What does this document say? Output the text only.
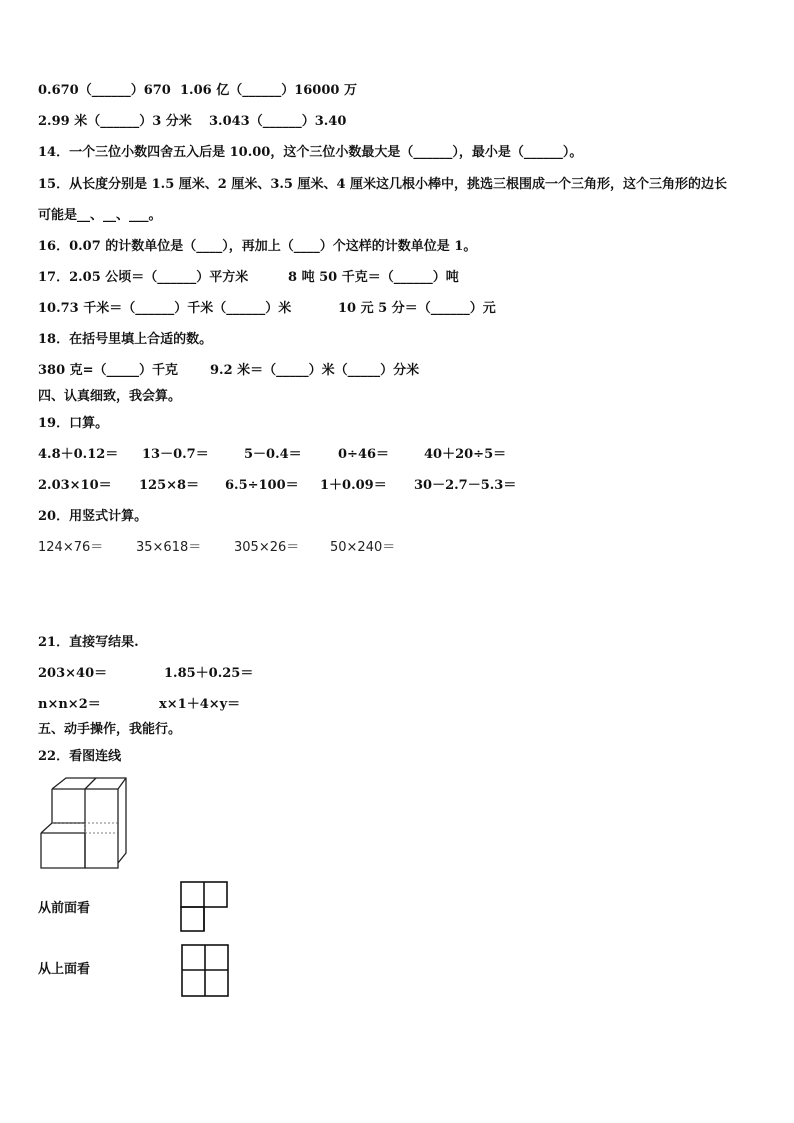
0.670（______）670 1.06 亿（______）16000 万
2.99 米（______）3 分米 3.043（______）3.40
14．一个三位小数四舍五入后是 10.00，这个三位小数最大是（______），最小是（______）。
15．从长度分别是 1.5 厘米、2 厘米、3.5 厘米、4 厘米这几根小棒中，挑选三根围成一个三角形，这个三角形的边长
可能是__、__、___。
16．0.07 的计数单位是（____），再加上（____）个这样的计数单位是 1。
17．2.05 公顷＝（______）平方米	8 吨 50 千克＝（______）吨
10.73 千米＝（______）千米（______）米	10 元 5 分＝（______）元
18．在括号里填上合适的数。
380 克=（_____）千克 9.2 米＝（_____）米（_____）分米
四、认真细致，我会算。
19．口算。
4.8＋0.12＝ 13－0.7＝	5－0.4＝	0÷46＝	40＋20÷5＝
2.03×10＝ 125×8＝ 6.5÷100＝ 1＋0.09＝ 30－2.7－5.3＝
20．用竖式计算。
124×76＝	35×618＝	305×26＝ 50×240＝
21．直接写结果.
203×40＝	1.85＋0.25＝
n×n×2＝	x×1＋4×y＝
五、动手操作，我能行。
22．看图连线
从前面看
从上面看
